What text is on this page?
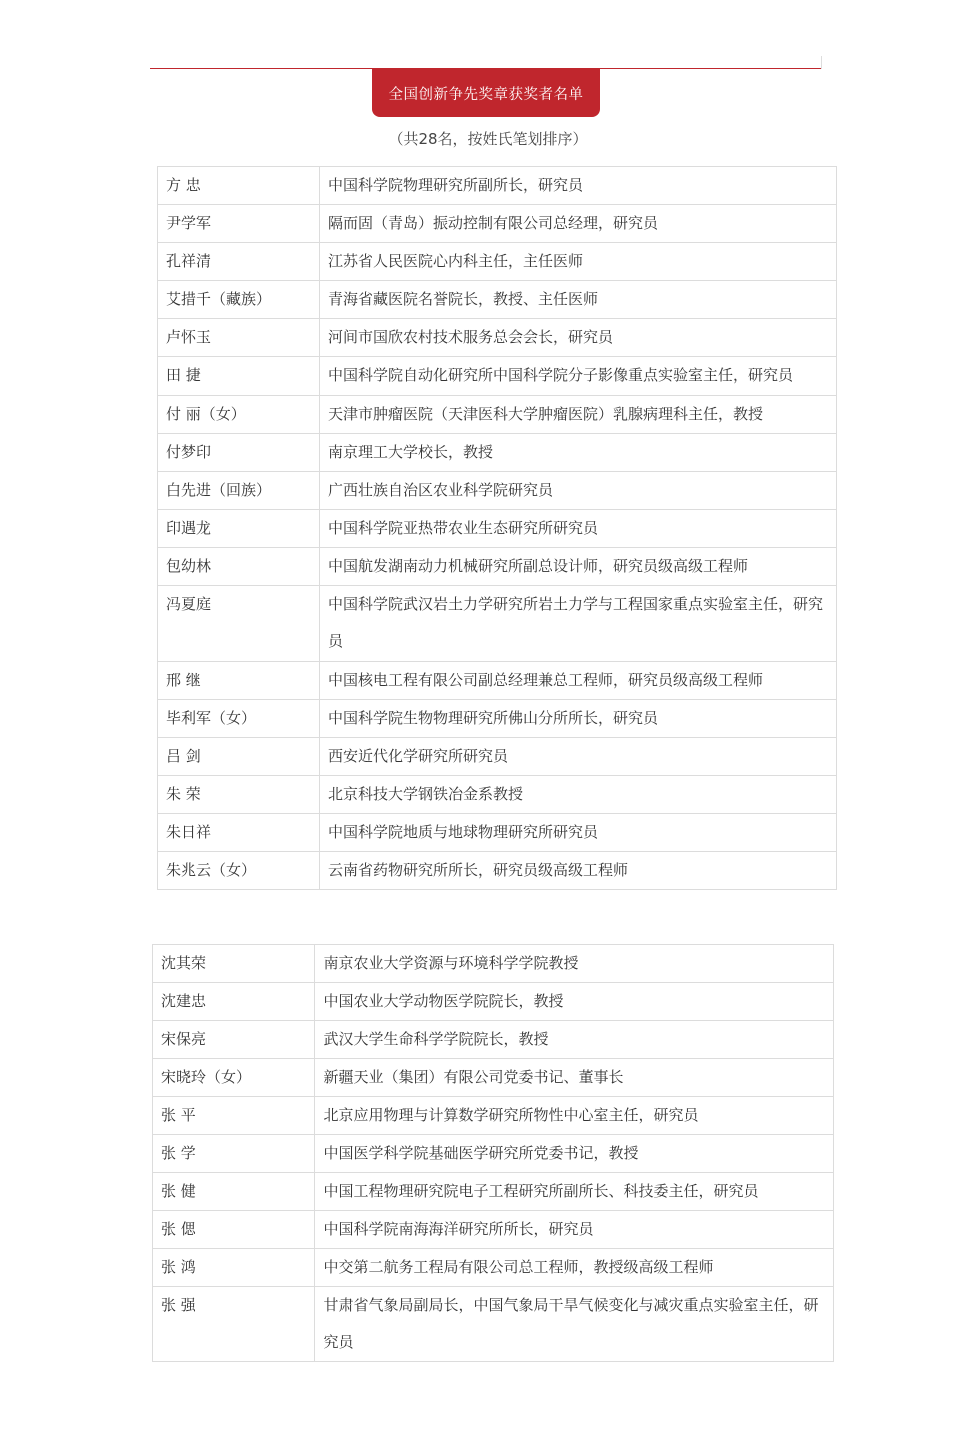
全国创新争先奖章获奖者名单
（共28名，按姓氏笔划排序）
方 忠	中国科学院物理研究所副所长，研究员
尹学军	隔而固（青岛）振动控制有限公司总经理，研究员
孔祥清	江苏省人民医院心内科主任，主任医师
艾措千（藏族）	青海省藏医院名誉院长，教授、主任医师
卢怀玉	河间市国欣农村技术服务总会会长，研究员
田 捷	中国科学院自动化研究所中国科学院分子影像重点实验室主任，研究员
付 丽（女）	天津市肿瘤医院（天津医科大学肿瘤医院）乳腺病理科主任，教授
付梦印	南京理工大学校长，教授
白先进（回族）	广西壮族自治区农业科学院研究员
印遇龙	中国科学院亚热带农业生态研究所研究员
包幼林	中国航发湖南动力机械研究所副总设计师，研究员级高级工程师
冯夏庭	中国科学院武汉岩土力学研究所岩土力学与工程国家重点实验室主任，研究员
邢 继	中国核电工程有限公司副总经理兼总工程师，研究员级高级工程师
毕利军（女）	中国科学院生物物理研究所佛山分所所长，研究员
吕 剑	西安近代化学研究所研究员
朱 荣	北京科技大学钢铁冶金系教授
朱日祥	中国科学院地质与地球物理研究所研究员
朱兆云（女）	云南省药物研究所所长，研究员级高级工程师
沈其荣	南京农业大学资源与环境科学学院教授
沈建忠	中国农业大学动物医学院院长，教授
宋保亮	武汉大学生命科学学院院长，教授
宋晓玲（女）	新疆天业（集团）有限公司党委书记、董事长
张 平	北京应用物理与计算数学研究所物性中心室主任，研究员
张 学	中国医学科学院基础医学研究所党委书记，教授
张 健	中国工程物理研究院电子工程研究所副所长、科技委主任，研究员
张 偲	中国科学院南海海洋研究所所长，研究员
张 鸿	中交第二航务工程局有限公司总工程师，教授级高级工程师
张 强	甘肃省气象局副局长，中国气象局干旱气候变化与减灾重点实验室主任，研究员
